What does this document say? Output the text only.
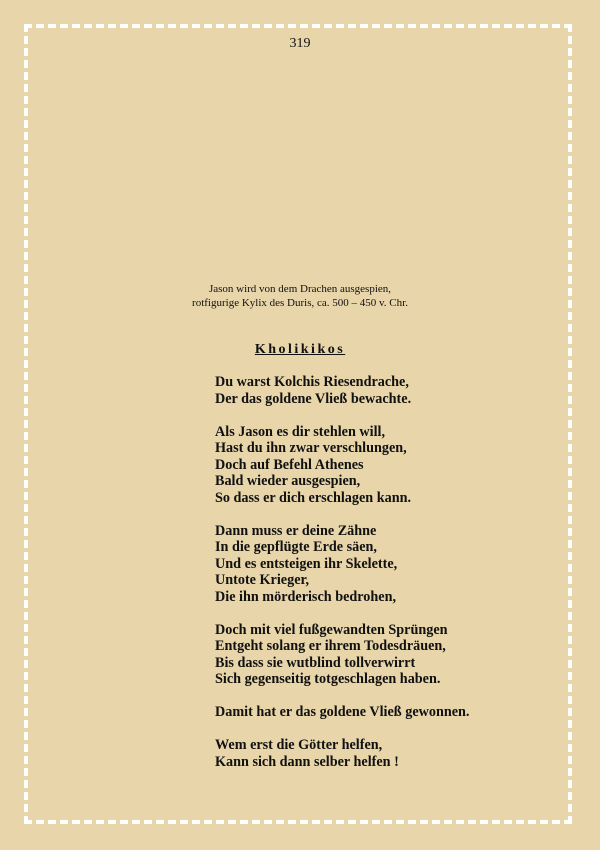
319
Jason wird von dem Drachen ausgespien,
rotfigurige Kylix des Duris, ca. 500 – 450 v. Chr.
Kholikikos
Du warst Kolchis Riesendrache,
Der das goldene Vließ bewachte.
Als Jason es dir stehlen will,
Hast du ihn zwar verschlungen,
Doch auf Befehl Athenes
Bald wieder ausgespien,
So dass er dich erschlagen kann.
Dann muss er deine Zähne
In die gepflügte Erde säen,
Und es entsteigen ihr Skelette,
Untote Krieger,
Die ihn mörderisch bedrohen,
Doch mit viel fußgewandten Sprüngen
Entgeht solang er ihrem Todesdräuen,
Bis dass sie wutblind tollverwirrt
Sich gegenseitig totgeschlagen haben.
Damit hat er das goldene Vließ gewonnen.
Wem erst die Götter helfen,
Kann sich dann selber helfen !
